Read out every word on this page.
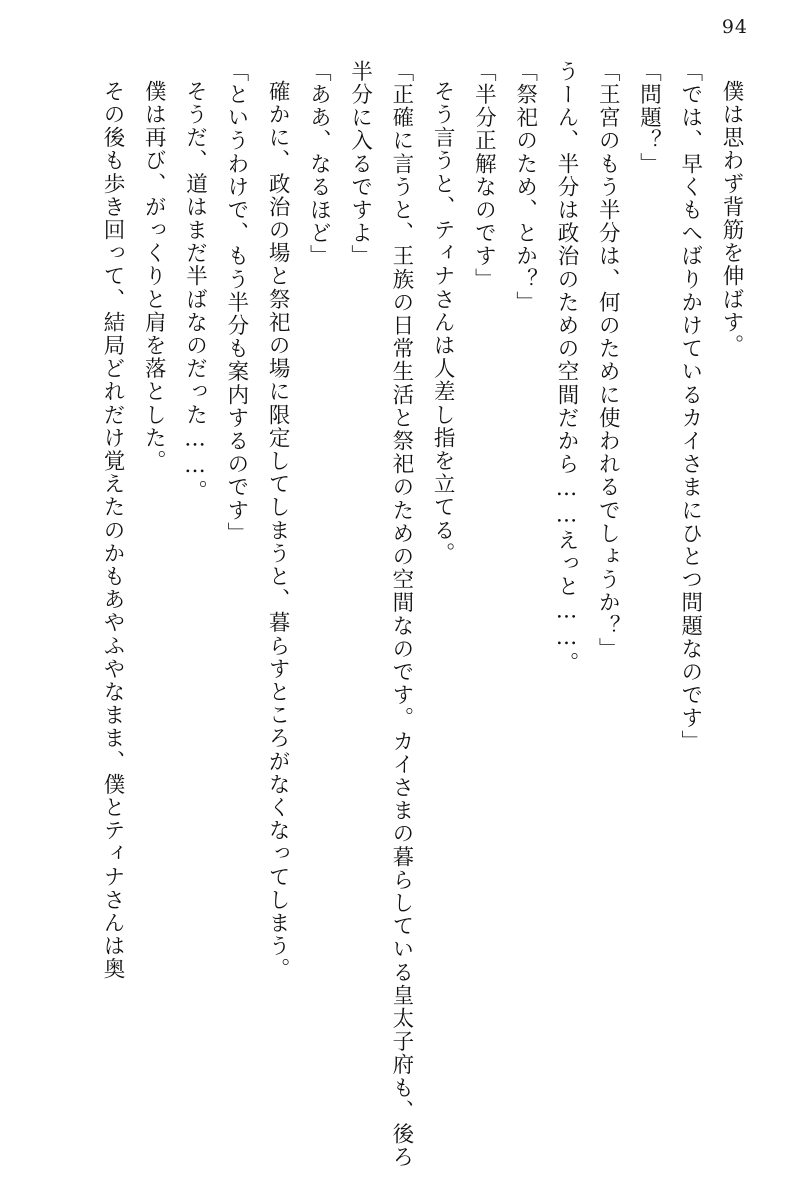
94

僕は思わず背筋を伸ばす。

「では、早くもへばりかけているカイさまにひとつ問題なのです」

「問題？」

「王宮のもう半分は、何のために使われるでしょうか？」

うーん、半分は政治のための空間だから……えっと……。

「祭祀のため、とか？」

「半分正解なのです」

そう言うと、ティナさんは人差し指を立てる。

「正確に言うと、王族の日常生活と祭祀のための空間なのです。カイさまの暮らしている皇太子府も、後ろ半分に入るですよ」

「ああ、なるほど」

確かに、政治の場と祭祀の場に限定してしまうと、暮らすところがなくなってしまう。

「というわけで、もう半分も案内するのです」

そうだ、道はまだ半ばなのだった……。

僕は再び、がっくりと肩を落とした。

その後も歩き回って、結局どれだけ覚えたのかもあやふやなまま、僕とティナさんは奥
